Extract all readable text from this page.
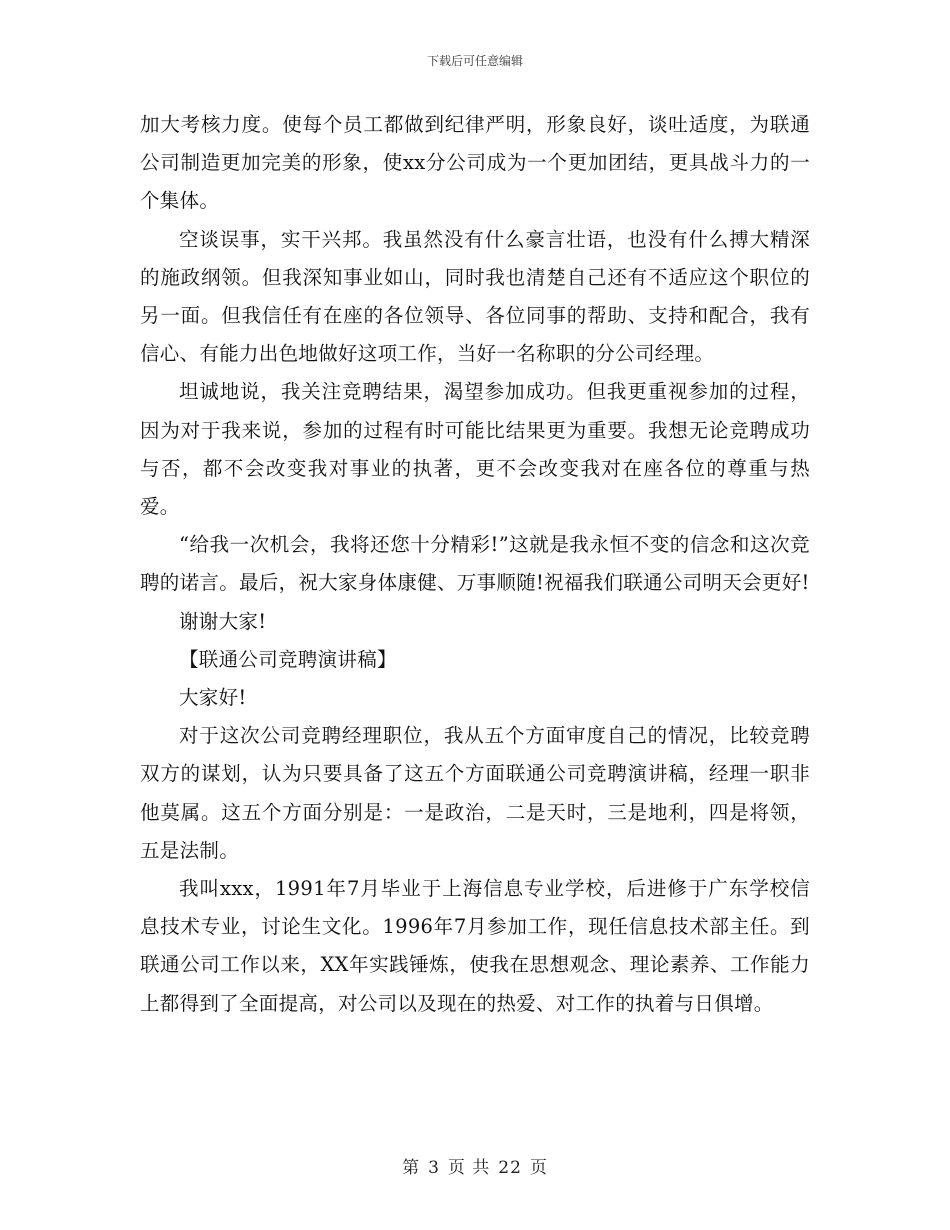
下载后可任意编辑

加大考核力度。使每个员工都做到纪律严明，形象良好，谈吐适度，为联通公司制造更加完美的形象，使xx分公司成为一个更加团结，更具战斗力的一个集体。

空谈误事，实干兴邦。我虽然没有什么豪言壮语，也没有什么搏大精深的施政纲领。但我深知事业如山，同时我也清楚自己还有不适应这个职位的另一面。但我信任有在座的各位领导、各位同事的帮助、支持和配合，我有信心、有能力出色地做好这项工作，当好一名称职的分公司经理。

坦诚地说，我关注竞聘结果，渴望参加成功。但我更重视参加的过程，因为对于我来说，参加的过程有时可能比结果更为重要。我想无论竞聘成功与否，都不会改变我对事业的执著，更不会改变我对在座各位的尊重与热爱。

“给我一次机会，我将还您十分精彩!”这就是我永恒不变的信念和这次竞聘的诺言。最后，祝大家身体康健、万事顺随!祝福我们联通公司明天会更好!

谢谢大家!

【联通公司竞聘演讲稿】

大家好!

对于这次公司竞聘经理职位，我从五个方面审度自己的情况，比较竞聘双方的谋划，认为只要具备了这五个方面联通公司竞聘演讲稿，经理一职非他莫属。这五个方面分别是：一是政治，二是天时，三是地利，四是将领，五是法制。

我叫xxx，1991年7月毕业于上海信息专业学校，后进修于广东学校信息技术专业，讨论生文化。1996年7月参加工作，现任信息技术部主任。到联通公司工作以来，XX年实践锤炼，使我在思想观念、理论素养、工作能力上都得到了全面提高，对公司以及现在的热爱、对工作的执着与日俱增。

第 3 页 共 22 页
